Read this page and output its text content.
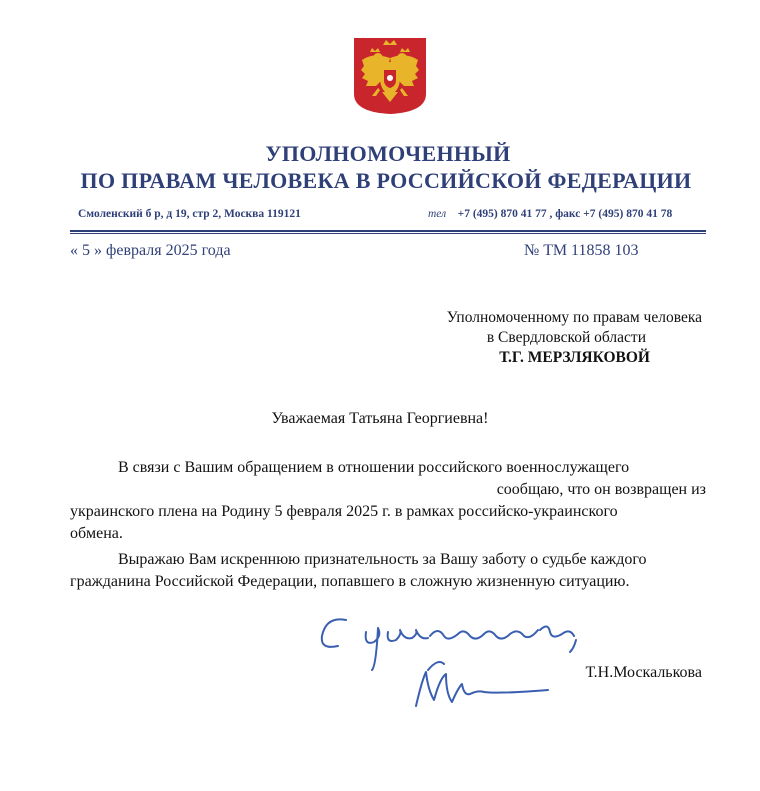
УПОЛНОМОЧЕННЫЙ
ПО ПРАВАМ ЧЕЛОВЕКА В РОССИЙСКОЙ ФЕДЕРАЦИИ
Смоленский б р, д 19, стр 2, Москва 119121	тел +7 (495) 870 41 77 , факс +7 (495) 870 41 78
« 5 » февраля 2025 года	№ ТМ 11858 103
Уполномоченному по правам человека
в Свердловской области
Т.Г. МЕРЗЛЯКОВОЙ
Уважаемая Татьяна Георгиевна!
В связи с Вашим обращением в отношении российского военнослужащего
сообщаю, что он возвращен из
украинского плена на Родину 5 февраля 2025 г. в рамках российско-украинского
обмена.
Выражаю Вам искреннюю признательность за Вашу заботу о судьбе каждого
гражданина Российской Федерации, попавшего в сложную жизненную ситуацию.
Т.Н.Москалькова
